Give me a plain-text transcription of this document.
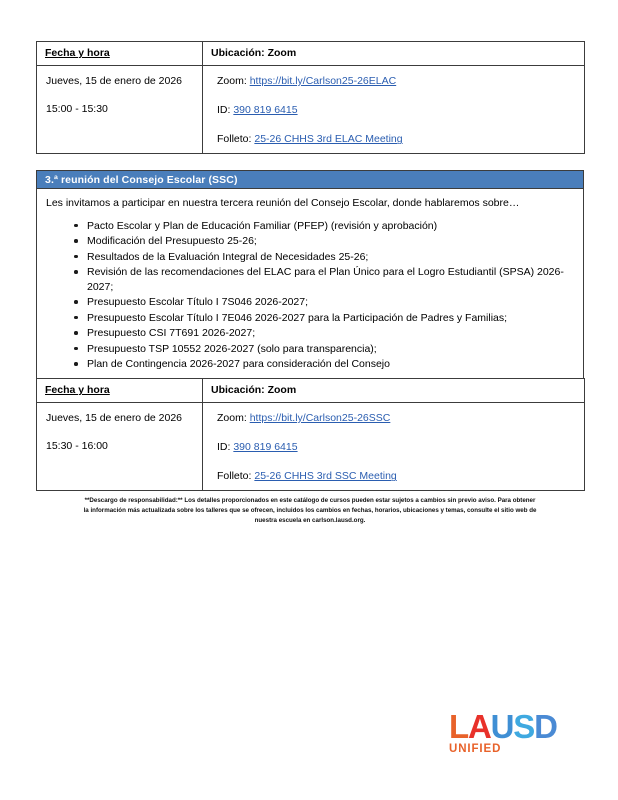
Fecha y hora	Ubicación: Zoom

Jueves, 15 de enero de 2026
15:00 - 15:30

Zoom: https://bit.ly/Carlson25-26ELAC
ID: 390 819 6415
Folleto: 25-26 CHHS 3rd ELAC Meeting
3.ª reunión del Consejo Escolar (SSC)
Les invitamos a participar en nuestra tercera reunión del Consejo Escolar, donde hablaremos sobre…
Pacto Escolar y Plan de Educación Familiar (PFEP) (revisión y aprobación)
Modificación del Presupuesto 25-26;
Resultados de la Evaluación Integral de Necesidades 25-26;
Revisión de las recomendaciones del ELAC para el Plan Único para el Logro Estudiantil (SPSA) 2026-2027;
Presupuesto Escolar Título I 7S046 2026-2027;
Presupuesto Escolar Título I 7E046 2026-2027 para la Participación de Padres y Familias;
Presupuesto CSI 7T691 2026-2027;
Presupuesto TSP 10552 2026-2027 (solo para transparencia);
Plan de Contingencia 2026-2027 para consideración del Consejo
Fecha y hora	Ubicación: Zoom

Jueves, 15 de enero de 2026
15:30 - 16:00

Zoom: https://bit.ly/Carlson25-26SSC
ID: 390 819 6415
Folleto: 25-26 CHHS 3rd SSC Meeting

**Descargo de responsabilidad:** Los detalles proporcionados en este catálogo de cursos pueden estar sujetos a cambios sin previo aviso. Para obtener

la información más actualizada sobre los talleres que se ofrecen, incluidos los cambios en fechas, horarios, ubicaciones y temas, consulte el sitio web de

nuestra escuela en carlson.lausd.org.

LAUSD
UNIFIED
